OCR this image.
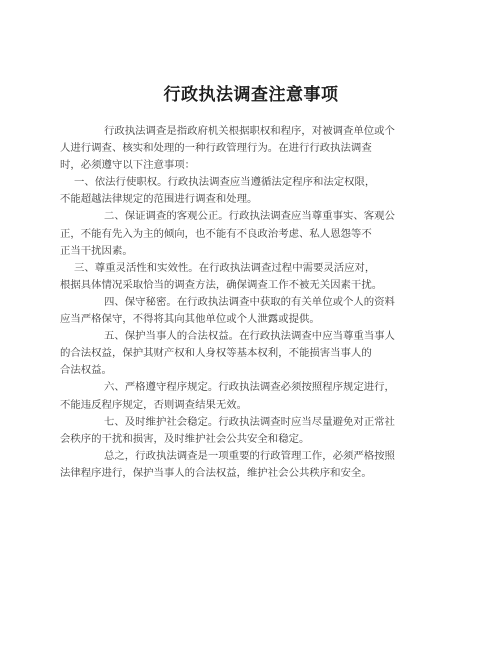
行政执法调查注意事项
行政执法调查是指政府机关根据职权和程序，对被调查单位或个
人进行调查、核实和处理的一种行政管理行为。在进行行政执法调查
时，必须遵守以下注意事项：
一、依法行使职权。行政执法调查应当遵循法定程序和法定权限，
不能超越法律规定的范围进行调查和处理。
二、保证调查的客观公正。行政执法调查应当尊重事实、客观公
正，不能有先入为主的倾向，也不能有不良政治考虑、私人恩怨等不
正当干扰因素。
三、尊重灵活性和实效性。在行政执法调查过程中需要灵活应对，
根据具体情况采取恰当的调查方法，确保调查工作不被无关因素干扰。
四、保守秘密。在行政执法调查中获取的有关单位或个人的资料
应当严格保守，不得将其向其他单位或个人泄露或提供。
五、保护当事人的合法权益。在行政执法调查中应当尊重当事人
的合法权益，保护其财产权和人身权等基本权利，不能损害当事人的
合法权益。
六、严格遵守程序规定。行政执法调查必须按照程序规定进行，
不能违反程序规定，否则调查结果无效。
七、及时维护社会稳定。行政执法调查时应当尽量避免对正常社
会秩序的干扰和损害，及时维护社会公共安全和稳定。
总之，行政执法调查是一项重要的行政管理工作，必须严格按照
法律程序进行，保护当事人的合法权益，维护社会公共秩序和安全。
